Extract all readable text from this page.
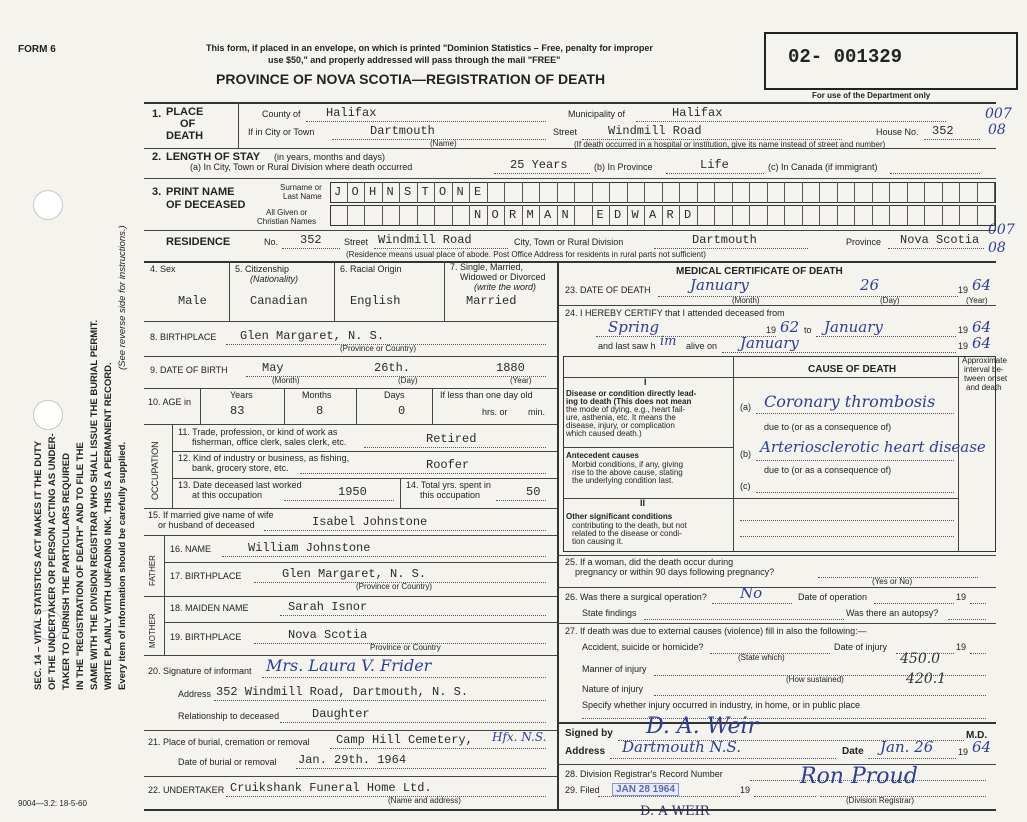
SEC. 14 – VITAL STATISTICS ACT MAKES IT THE DUTY OF THE UNDERTAKER OR PERSON ACTING AS UNDER- TAKER TO FURNISH THE PARTICULARS REQUIRED IN THE "REGISTRATION OF DEATH" AND TO FILE THE SAME WITH THE DIVISION REGISTRAR WHO SHALL ISSUE THE BURIAL PERMIT. WRITE PLAINLY WITH UNFADING INK. THIS IS A PERMANENT RECORD.
(See reverse side for instructions.)
Every item of information should be carefully supplied.
FORM 6	This form, if placed in an envelope, on which is printed "Dominion Statistics – Free, penalty for improper
use $50," and properly addressed will pass through the mail "FREE"
PROVINCE OF NOVA SCOTIA—REGISTRATION OF DEATH
02- 001329
For use of the Department only
007
08
007
08
1. PLACE
OF
DEATH
County of Halifax	Municipality of	Halifax
If in City or Town	Dartmouth
(Name)
Street	Windmill Road	House No. 352
(If death occurred in a hospital or institution, give its name instead of street and number)
2. LENGTH OF STAY (in years, months and days)
(a) In City, Town or Rural Division where death occurred	25 Years	(b) In Province	Life	(c) In Canada (if immigrant)
3. PRINT NAME
OF DECEASED
Surname or
Last Name
All Given or
Christian Names
J O H N S T O N E
N O R M A N E D W A R D
RESIDENCE	No. 352 Street Windmill Road	City, Town or Rural Division	Dartmouth	Province Nova Scotia
(Residence means usual place of abode. Post Office Address for residents in rural parts not sufficient)
4. Sex
Male
5. Citizenship
(Nationality)
Canadian
6. Racial Origin
English
7. Single, Married,
Widowed or Divorced
(write the word)
Married
8. BIRTHPLACE Glen Margaret, N. S.
(Province or Country)
9. DATE OF BIRTH	May	26th.	1880
(Month)	(Day)	(Year)
10. AGE in
Years	Months	Days
83	8	0
If less than one day old
hrs. or min.
OCCUPATION
11. Trade, profession, or kind of work as
fisherman, office clerk, sales clerk, etc.	Retired
12. Kind of industry or business, as fishing,
bank, grocery store, etc.	Roofer
13. Date deceased last worked
at this occupation	1950	14. Total yrs. spent in
this occupation	50
15. If married give name of wife
or husband of deceased	Isabel Johnstone
FATHER
16. NAME	William Johnstone
17. BIRTHPLACE	Glen Margaret, N. S.
(Province or Country)
MOTHER
18. MAIDEN NAME	Sarah Isnor
19. BIRTHPLACE	Nova Scotia
Province or Country
20. Signature of informant Mrs. Laura V. Frider
Address 352 Windmill Road, Dartmouth, N. S.
Relationship to deceased	Daughter
21. Place of burial, cremation or removal Camp Hill Cemetery, Hfx. N.S.
Date of burial or removal Jan. 29th. 1964
22. UNDERTAKER Cruikshank Funeral Home Ltd.
(Name and address)
9004—3.2: 18-5-60
D. A WEIR
MEDICAL CERTIFICATE OF DEATH
23. DATE OF DEATH	January	26	19 64
(Month)	(Day)	(Year)
24. I HEREBY CERTIFY that I attended deceased from
Spring	19 62 to January	19 64
and last saw h im alive on January	19 64
CAUSE OF DEATH
Approximate
interval be-
tween onset
and death
I
Disease or condition directly lead-
ing to death (This does not mean
the mode of dying, e.g., heart fail-
ure, asthenia, etc. It means the
disease, injury, or complication
which caused death.)
(a) Coronary thrombosis
due to (or as a consequence of)
Antecedent causes
Morbid conditions, if any, giving
rise to the above cause, stating
the underlying condition last.
(b) Arteriosclerotic heart disease
due to (or as a consequence of)
(c)
II
Other significant conditions
contributing to the death, but not
related to the disease or condi-
tion causing it.
25. If a woman, did the death occur during
pregnancy or within 90 days following pregnancy?
(Yes or No)
26. Was there a surgical operation? No	Date of operation	19
State findings	Was there an autopsy?
27. If death was due to external causes (violence) fill in also the following:—
Accident, suicide or homicide?	Date of injury	19
(State which)
Manner of injury
450.0
(How sustained)
Nature of injury
420.1
Specify whether injury occurred in industry, in home, or in public place
Signed by D. A. Weir	M.D.
Address Dartmouth N.S.	Date Jan. 26	19 64
28. Division Registrar's Record Number
29. Filed	JAN 28 1964	19
Ron Proud
(Division Registrar)
